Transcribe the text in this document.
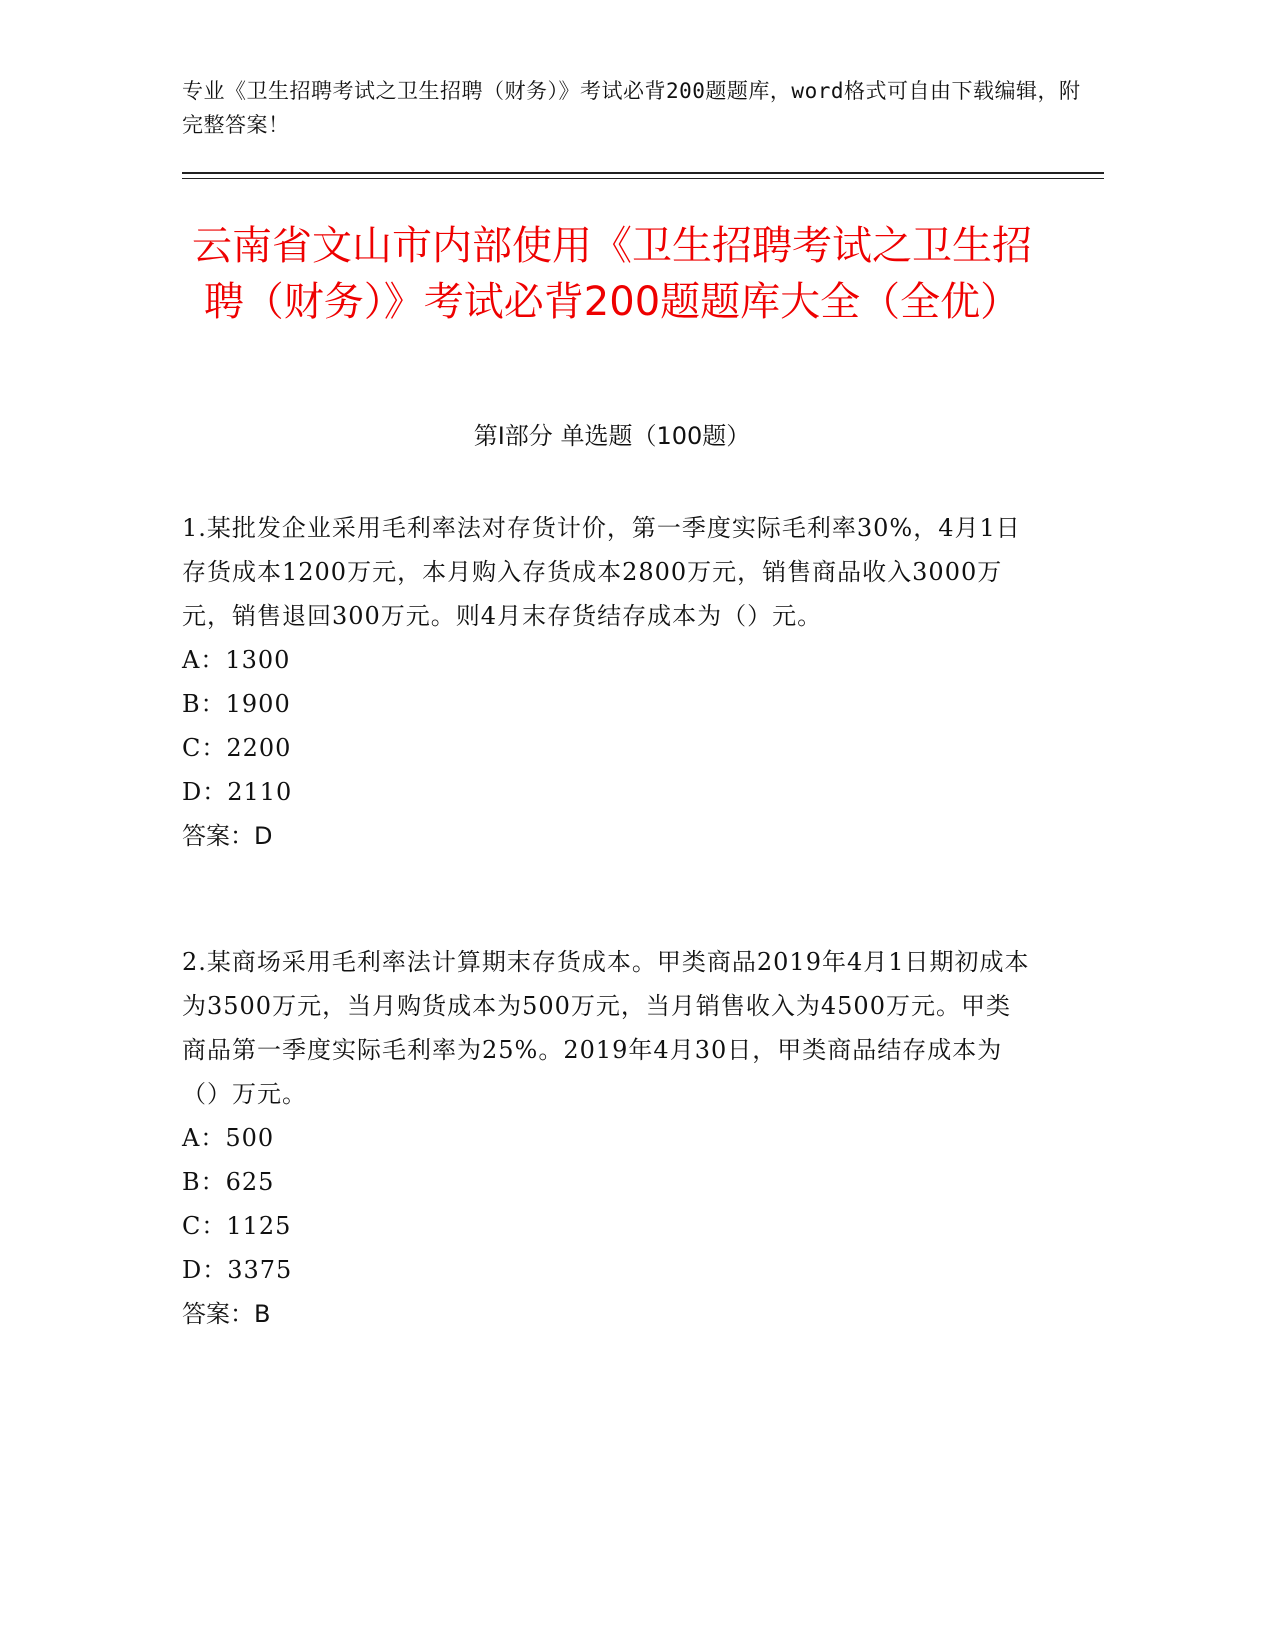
专业《卫生招聘考试之卫生招聘（财务）》考试必背200题题库，word格式可自由下载编辑，附完整答案！
云南省文山市内部使用《卫生招聘考试之卫生招聘（财务）》考试必背200题题库大全（全优）
第Ⅰ部分 单选题（100题）

1.某批发企业采用毛利率法对存货计价，第一季度实际毛利率30%，4月1日存货成本1200万元，本月购入存货成本2800万元，销售商品收入3000万元，销售退回300万元。则4月末存货结存成本为（）元。

A：1300

B：1900

C：2200

D：2110

答案：D

2.某商场采用毛利率法计算期末存货成本。甲类商品2019年4月1日期初成本为3500万元，当月购货成本为500万元，当月销售收入为4500万元。甲类商品第一季度实际毛利率为25%。2019年4月30日，甲类商品结存成本为（）万元。

A：500

B：625

C：1125

D：3375

答案：B
